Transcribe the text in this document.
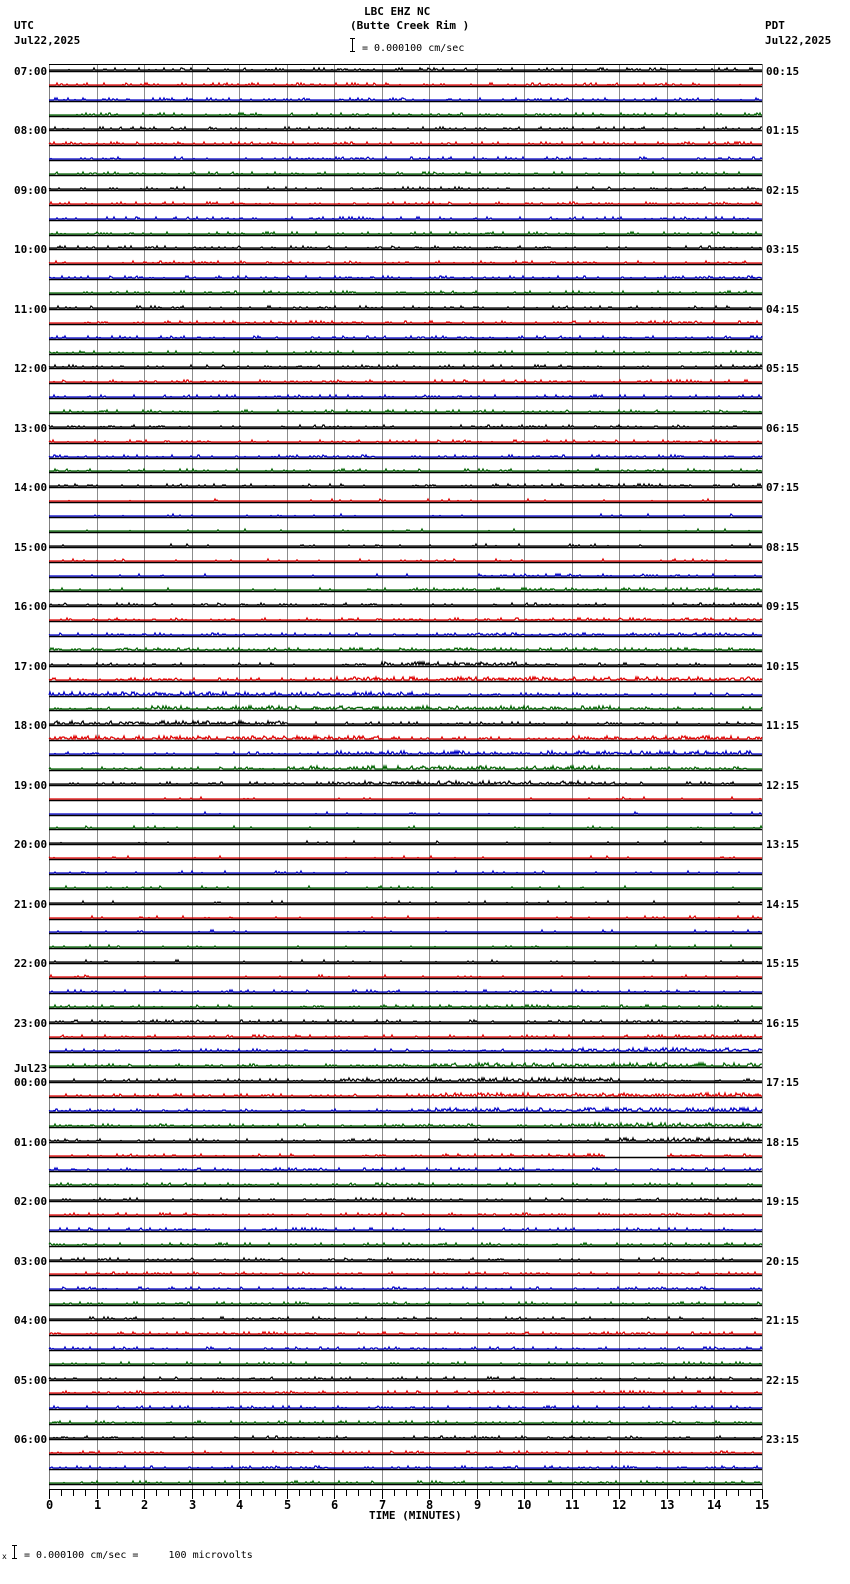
LBC EHZ NC
(Butte Creek Rim )
= 0.000100 cm/sec
UTC
Jul22,2025
PDT
Jul22,2025
07:00
08:00
09:00
10:00
11:00
12:00
13:00
14:00
15:00
16:00
17:00
18:00
19:00
20:00
21:00
22:00
23:00
Jul23
00:00
01:00
02:00
03:00
04:00
05:00
06:00
00:15
01:15
02:15
03:15
04:15
05:15
06:15
07:15
08:15
09:15
10:15
11:15
12:15
13:15
14:15
15:15
16:15
17:15
18:15
19:15
20:15
21:15
22:15
23:15
0	1	2	3	4	5	6	7	8	9	10	11	12	13	14	15
TIME (MINUTES)
x = 0.000100 cm/sec =     100 microvolts
